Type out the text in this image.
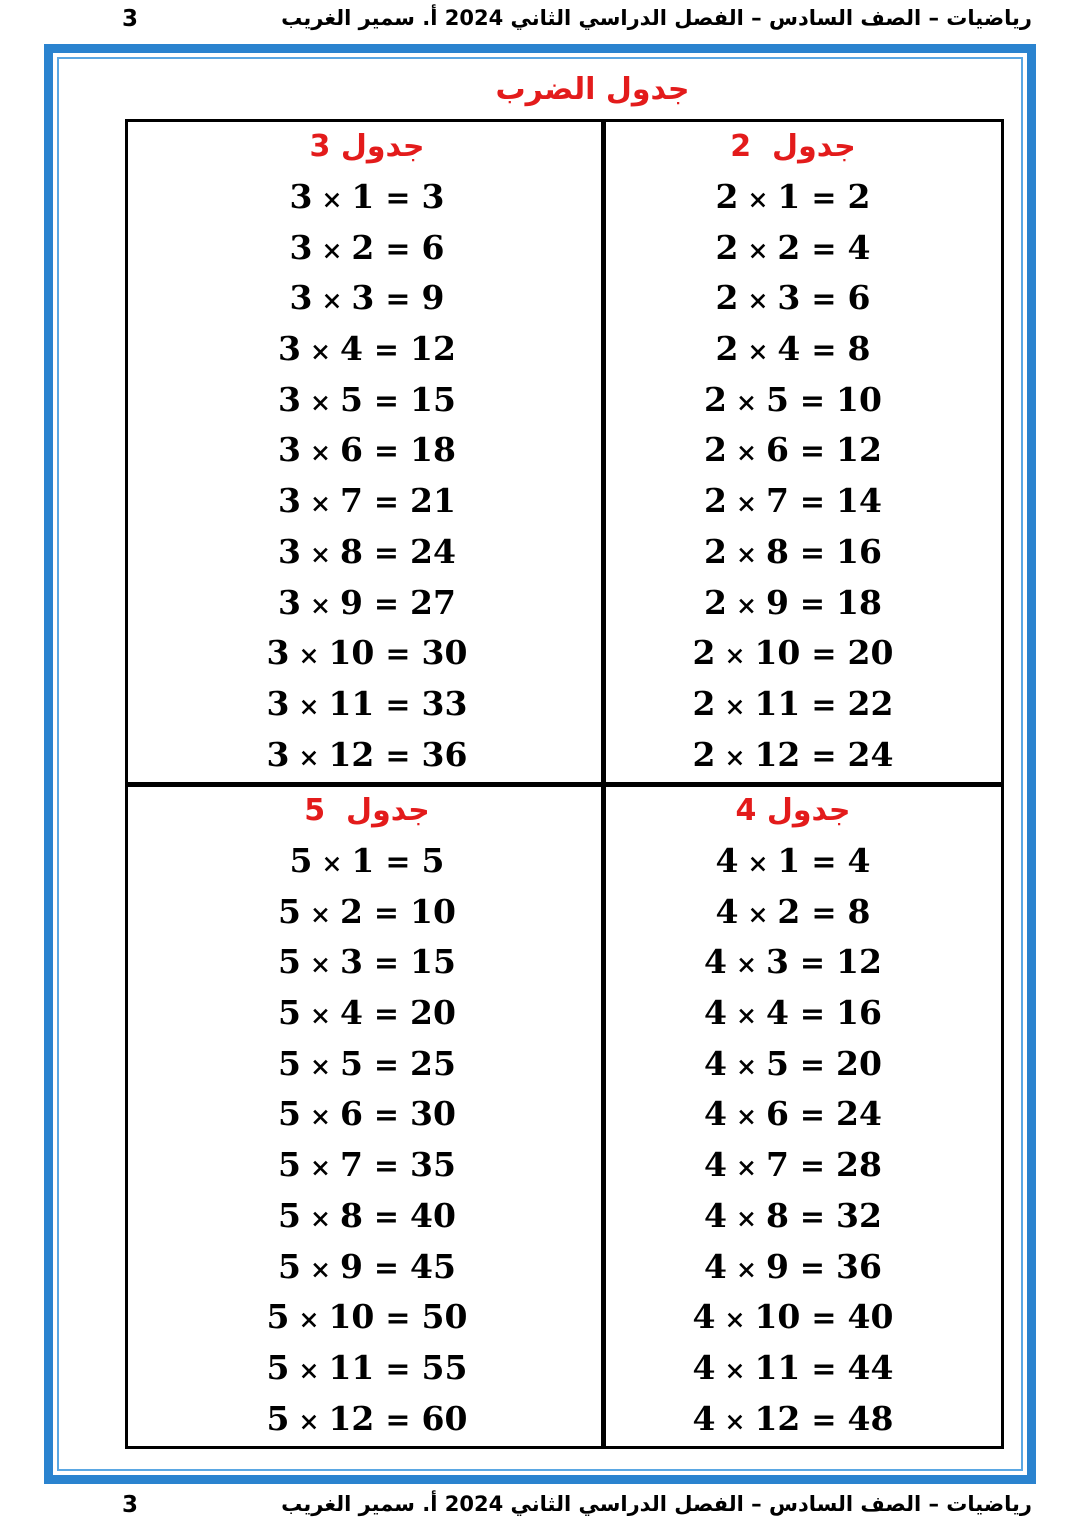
رياضيات – الصف السادس – الفصل الدراسي الثاني 2024 أ. سمير الغريب
3
جدول الضرب
جدول  2
2 × 1 = 2
2 × 2 = 4
2 × 3 = 6
2 × 4 = 8
2 × 5 = 10
2 × 6 = 12
2 × 7 = 14
2 × 8 = 16
2 × 9 = 18
2 × 10 = 20
2 × 11 = 22
2 × 12 = 24
جدول 3
3 × 1 = 3
3 × 2 = 6
3 × 3 = 9
3 × 4 = 12
3 × 5 = 15
3 × 6 = 18
3 × 7 = 21
3 × 8 = 24
3 × 9 = 27
3 × 10 = 30
3 × 11 = 33
3 × 12 = 36
جدول 4
4 × 1 = 4
4 × 2 = 8
4 × 3 = 12
4 × 4 = 16
4 × 5 = 20
4 × 6 = 24
4 × 7 = 28
4 × 8 = 32
4 × 9 = 36
4 × 10 = 40
4 × 11 = 44
4 × 12 = 48
جدول  5
5 × 1 = 5
5 × 2 = 10
5 × 3 = 15
5 × 4 = 20
5 × 5 = 25
5 × 6 = 30
5 × 7 = 35
5 × 8 = 40
5 × 9 = 45
5 × 10 = 50
5 × 11 = 55
5 × 12 = 60
رياضيات – الصف السادس – الفصل الدراسي الثاني 2024 أ. سمير الغريب
3
